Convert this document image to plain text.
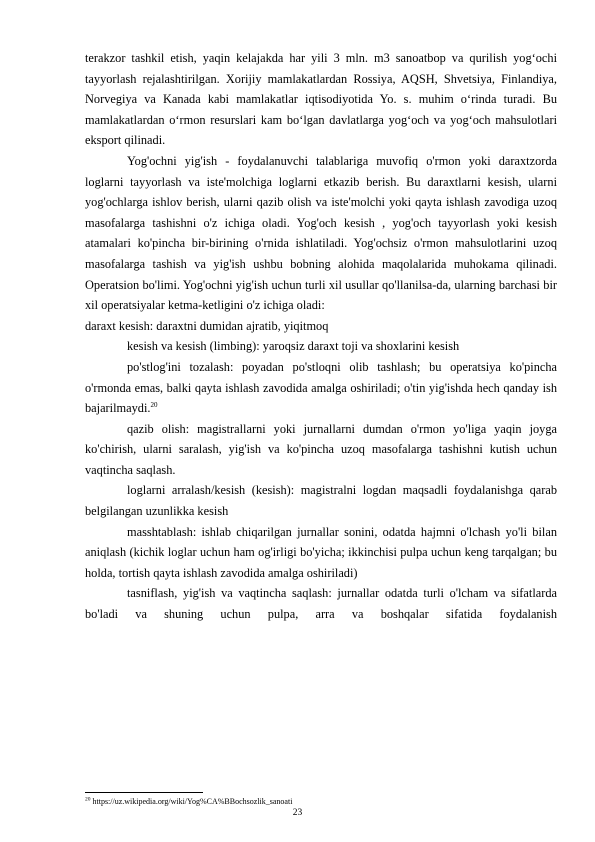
terakzor tashkil etish, yaqin kelajakda har yili 3 mln. m3 sanoatbop va qurilish yog‘ochi tayyorlash rejalashtirilgan. Xorijiy mamlakatlardan Rossiya, AQSH, Shvetsiya, Finlandiya, Norvegiya va Kanada kabi mamlakatlar iqtisodiyotida Yo. s. muhim o‘rinda turadi. Bu mamlakatlardan o‘rmon resurslari kam bo‘lgan davlatlarga yog‘och va yog‘och mahsulotlari eksport qilinadi.

Yog'ochni yig'ish - foydalanuvchi talablariga muvofiq o'rmon yoki daraxtzorda loglarni tayyorlash va iste'molchiga loglarni etkazib berish. Bu daraxtlarni kesish, ularni yog'ochlarga ishlov berish, ularni qazib olish va iste'molchi yoki qayta ishlash zavodiga uzoq masofalarga tashishni o'z ichiga oladi. Yog'och kesish , yog'och tayyorlash yoki kesish atamalari ko'pincha bir-birining o'rnida ishlatiladi. Yog'ochsiz o'rmon mahsulotlarini uzoq masofalarga tashish va yig'ish ushbu bobning alohida maqolalarida muhokama qilinadi. Operatsion bo'limi. Yog'ochni yig'ish uchun turli xil usullar qo'llanilsa-da, ularning barchasi bir xil operatsiyalar ketma-ketligini o'z ichiga oladi:

daraxt kesish: daraxtni dumidan ajratib, yiqitmoq

kesish va kesish (limbing): yaroqsiz daraxt toji va shoxlarini kesish

po'stlog'ini tozalash: poyadan po'stloqni olib tashlash; bu operatsiya ko'pincha o'rmonda emas, balki qayta ishlash zavodida amalga oshiriladi; o'tin yig'ishda hech qanday ish bajarilmaydi.$^{20}$

qazib olish: magistrallarni yoki jurnallarni dumdan o'rmon yo'liga yaqin joyga ko'chirish, ularni saralash, yig'ish va ko'pincha uzoq masofalarga tashishni kutish uchun vaqtincha saqlash.

loglarni arralash/kesish (kesish): magistralni logdan maqsadli foydalanishga qarab belgilangan uzunlikka kesish

masshtablash: ishlab chiqarilgan jurnallar sonini, odatda hajmni o'lchash yo'li bilan aniqlash (kichik loglar uchun ham og'irligi bo'yicha; ikkinchisi pulpa uchun keng tarqalgan; bu holda, tortish qayta ishlash zavodida amalga oshiriladi)

tasniflash, yig'ish va vaqtincha saqlash: jurnallar odatda turli o'lcham va sifatlarda bo'ladi va shuning uchun pulpa, arra va boshqalar sifatida foydalanish

$^{20}$ https://uz.wikipedia.org/wiki/Yog%CA%BBochsozlik_sanoati
23
